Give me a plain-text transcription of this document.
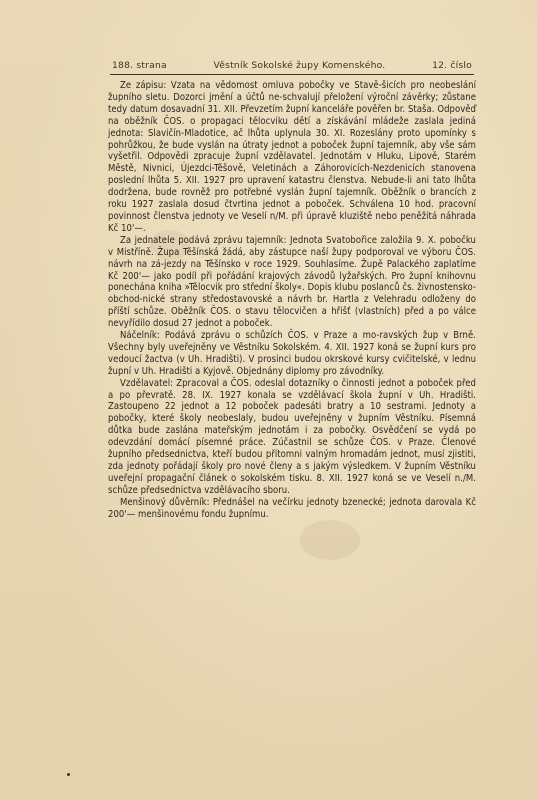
188. strana	Věstník Sokolské župy Komenského.	12. číslo

Ze zápisu: Vzata na vědomost omluva pobočky ve Stavě-šicích pro neobeslání župního sletu. Dozorci jmění a účtů ne-schvalují přeložení výroční závěrky; zůstane tedy datum dosavadní 31. XII. Převzetím župní kanceláře pověřen br. Staša. Odpověď na oběžník ČOS. o propagaci tělocviku dětí a získávání mládeže zaslala jediná jednota: Slavičín-Mladotice, ač lhůta uplynula 30. XI. Rozeslány proto upomínky s pohrůžkou, že bude vyslán na útraty jednot a poboček župní tajemník, aby vše sám vyšetřil. Odpovědi zpracuje župní vzdělavatel. Jednotám v Hluku, Lipově, Starém Městě, Nivnici, Újezdci-Těšově, Veletinách a Záhorovicích-Nezdenicích stanovena poslední lhůta 5. XII. 1927 pro upravení katastru členstva. Nebude-li ani tato lhůta dodržena, bude rovněž pro potřebné vyslán župní tajemník. Oběžník o brancích z roku 1927 zaslala dosud čtvrtina jednot a poboček. Schválena 10 hod. pracovní povinnost členstva jednoty ve Veselí n/M. při úpravě kluziště nebo peněžitá náhrada Kč 10'—.

Za jednatele podává zprávu tajemník: Jednota Svatobořice založila 9. X. pobočku v Mistříně. Župa Těšínská žádá, aby zástupce naší župy podporoval ve výboru ČOS. návrh na zá-jezdy na Těšínsko v roce 1929. Souhlasíme. Župě Palackého zaplatíme Kč 200'— jako podíl při pořádání krajových závodů lyžařských. Pro župní knihovnu ponechána kniha »Tělocvik pro střední školy«. Dopis klubu poslanců čs. živnostensko-obchod-nické strany středostavovské a návrh br. Hartla z Velehradu odloženy do příští schůze. Oběžník ČOS. o stavu tělocvičen a hřišť (vlastních) před a po válce nevyřídilo dosud 27 jednot a poboček.

Náčelník: Podává zprávu o schůzích ČOS. v Praze a mo-ravských žup v Brně. Všechny byly uveřejněny ve Věstníku Sokolském. 4. XII. 1927 koná se župní kurs pro vedoucí žactva (v Uh. Hradišti). V prosinci budou okrskové kursy cvičitelské, v lednu župní v Uh. Hradišti a Kyjově. Objednány diplomy pro závodníky.

Vzdělavatel: Zpracoval a ČOS. odeslal dotazníky o činnosti jednot a poboček před a po převratě. 28. IX. 1927 konala se vzdělávací škola župní v Uh. Hradišti. Zastoupeno 22 jednot a 12 poboček padesáti bratry a 10 sestrami. Jednoty a pobočky, které školy neobeslaly, budou uveřejněny v župním Věstníku. Písemná důtka bude zaslána mateřským jednotám i za pobočky. Osvědčení se vydá po odevzdání domácí písemné práce. Zúčastnil se schůze ČOS. v Praze. Členové župního předsednictva, kteří budou přítomni valným hromadám jednot, musí zjistiti, zda jednoty pořádají školy pro nové členy a s jakým výsledkem. V župním Věstníku uveřejní propagační článek o sokolském tisku. 8. XII. 1927 koná se ve Veselí n./M. schůze předsednictva vzdělávacího sboru.

Menšinový důvěrník: Přednášel na večírku jednoty bzenecké; jednota darovala Kč 200'— menšinovému fondu župnímu.
